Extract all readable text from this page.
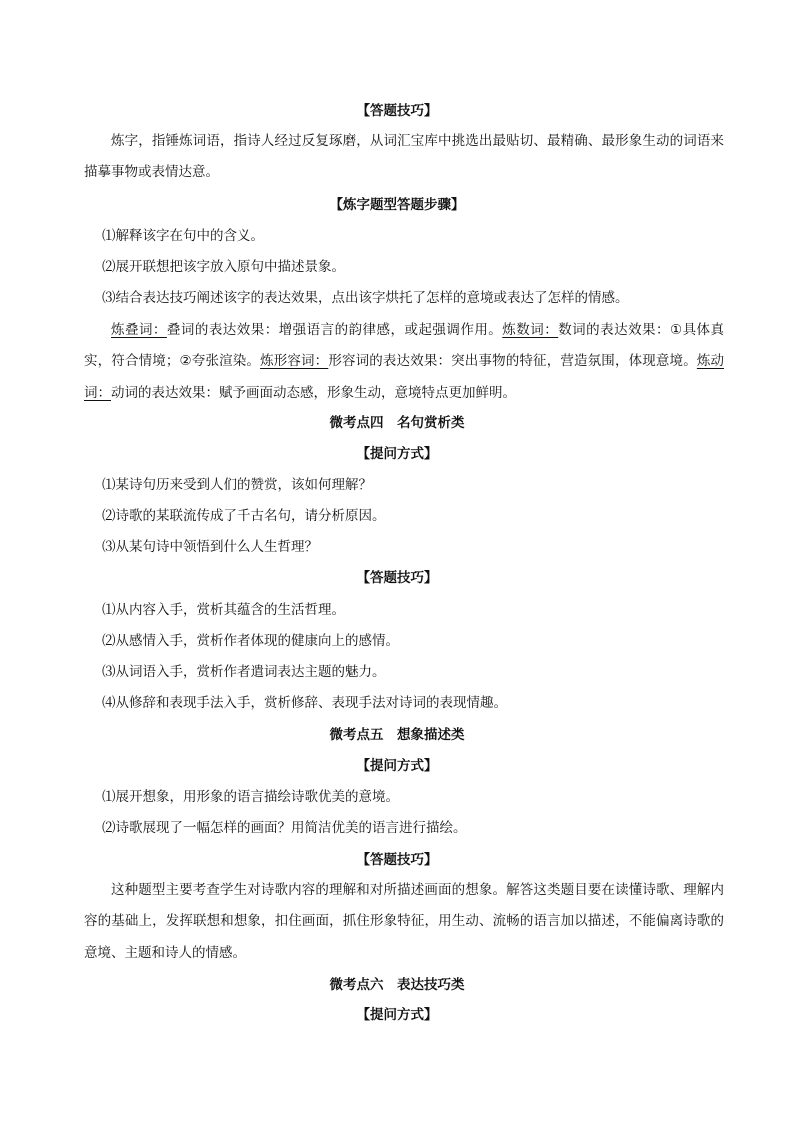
【答题技巧】
炼字，指锤炼词语，指诗人经过反复琢磨，从词汇宝库中挑选出最贴切、最精确、最形象生动的词语来描摹事物或表情达意。
【炼字题型答题步骤】
⑴解释该字在句中的含义。
⑵展开联想把该字放入原句中描述景象。
⑶结合表达技巧阐述该字的表达效果，点出该字烘托了怎样的意境或表达了怎样的情感。
炼叠词：叠词的表达效果：增强语言的韵律感，或起强调作用。炼数词：数词的表达效果：①具体真实，符合情境；②夸张渲染。炼形容词：形容词的表达效果：突出事物的特征，营造氛围，体现意境。炼动词：动词的表达效果：赋予画面动态感，形象生动，意境特点更加鲜明。
微考点四　名句赏析类
【提问方式】
⑴某诗句历来受到人们的赞赏，该如何理解？
⑵诗歌的某联流传成了千古名句，请分析原因。
⑶从某句诗中领悟到什么人生哲理？
【答题技巧】
⑴从内容入手，赏析其蕴含的生活哲理。
⑵从感情入手，赏析作者体现的健康向上的感情。
⑶从词语入手，赏析作者遣词表达主题的魅力。
⑷从修辞和表现手法入手，赏析修辞、表现手法对诗词的表现情趣。
微考点五　想象描述类
【提问方式】
⑴展开想象，用形象的语言描绘诗歌优美的意境。
⑵诗歌展现了一幅怎样的画面？用简洁优美的语言进行描绘。
【答题技巧】
这种题型主要考查学生对诗歌内容的理解和对所描述画面的想象。解答这类题目要在读懂诗歌、理解内容的基础上，发挥联想和想象，扣住画面，抓住形象特征，用生动、流畅的语言加以描述，不能偏离诗歌的意境、主题和诗人的情感。
微考点六　表达技巧类
【提问方式】
